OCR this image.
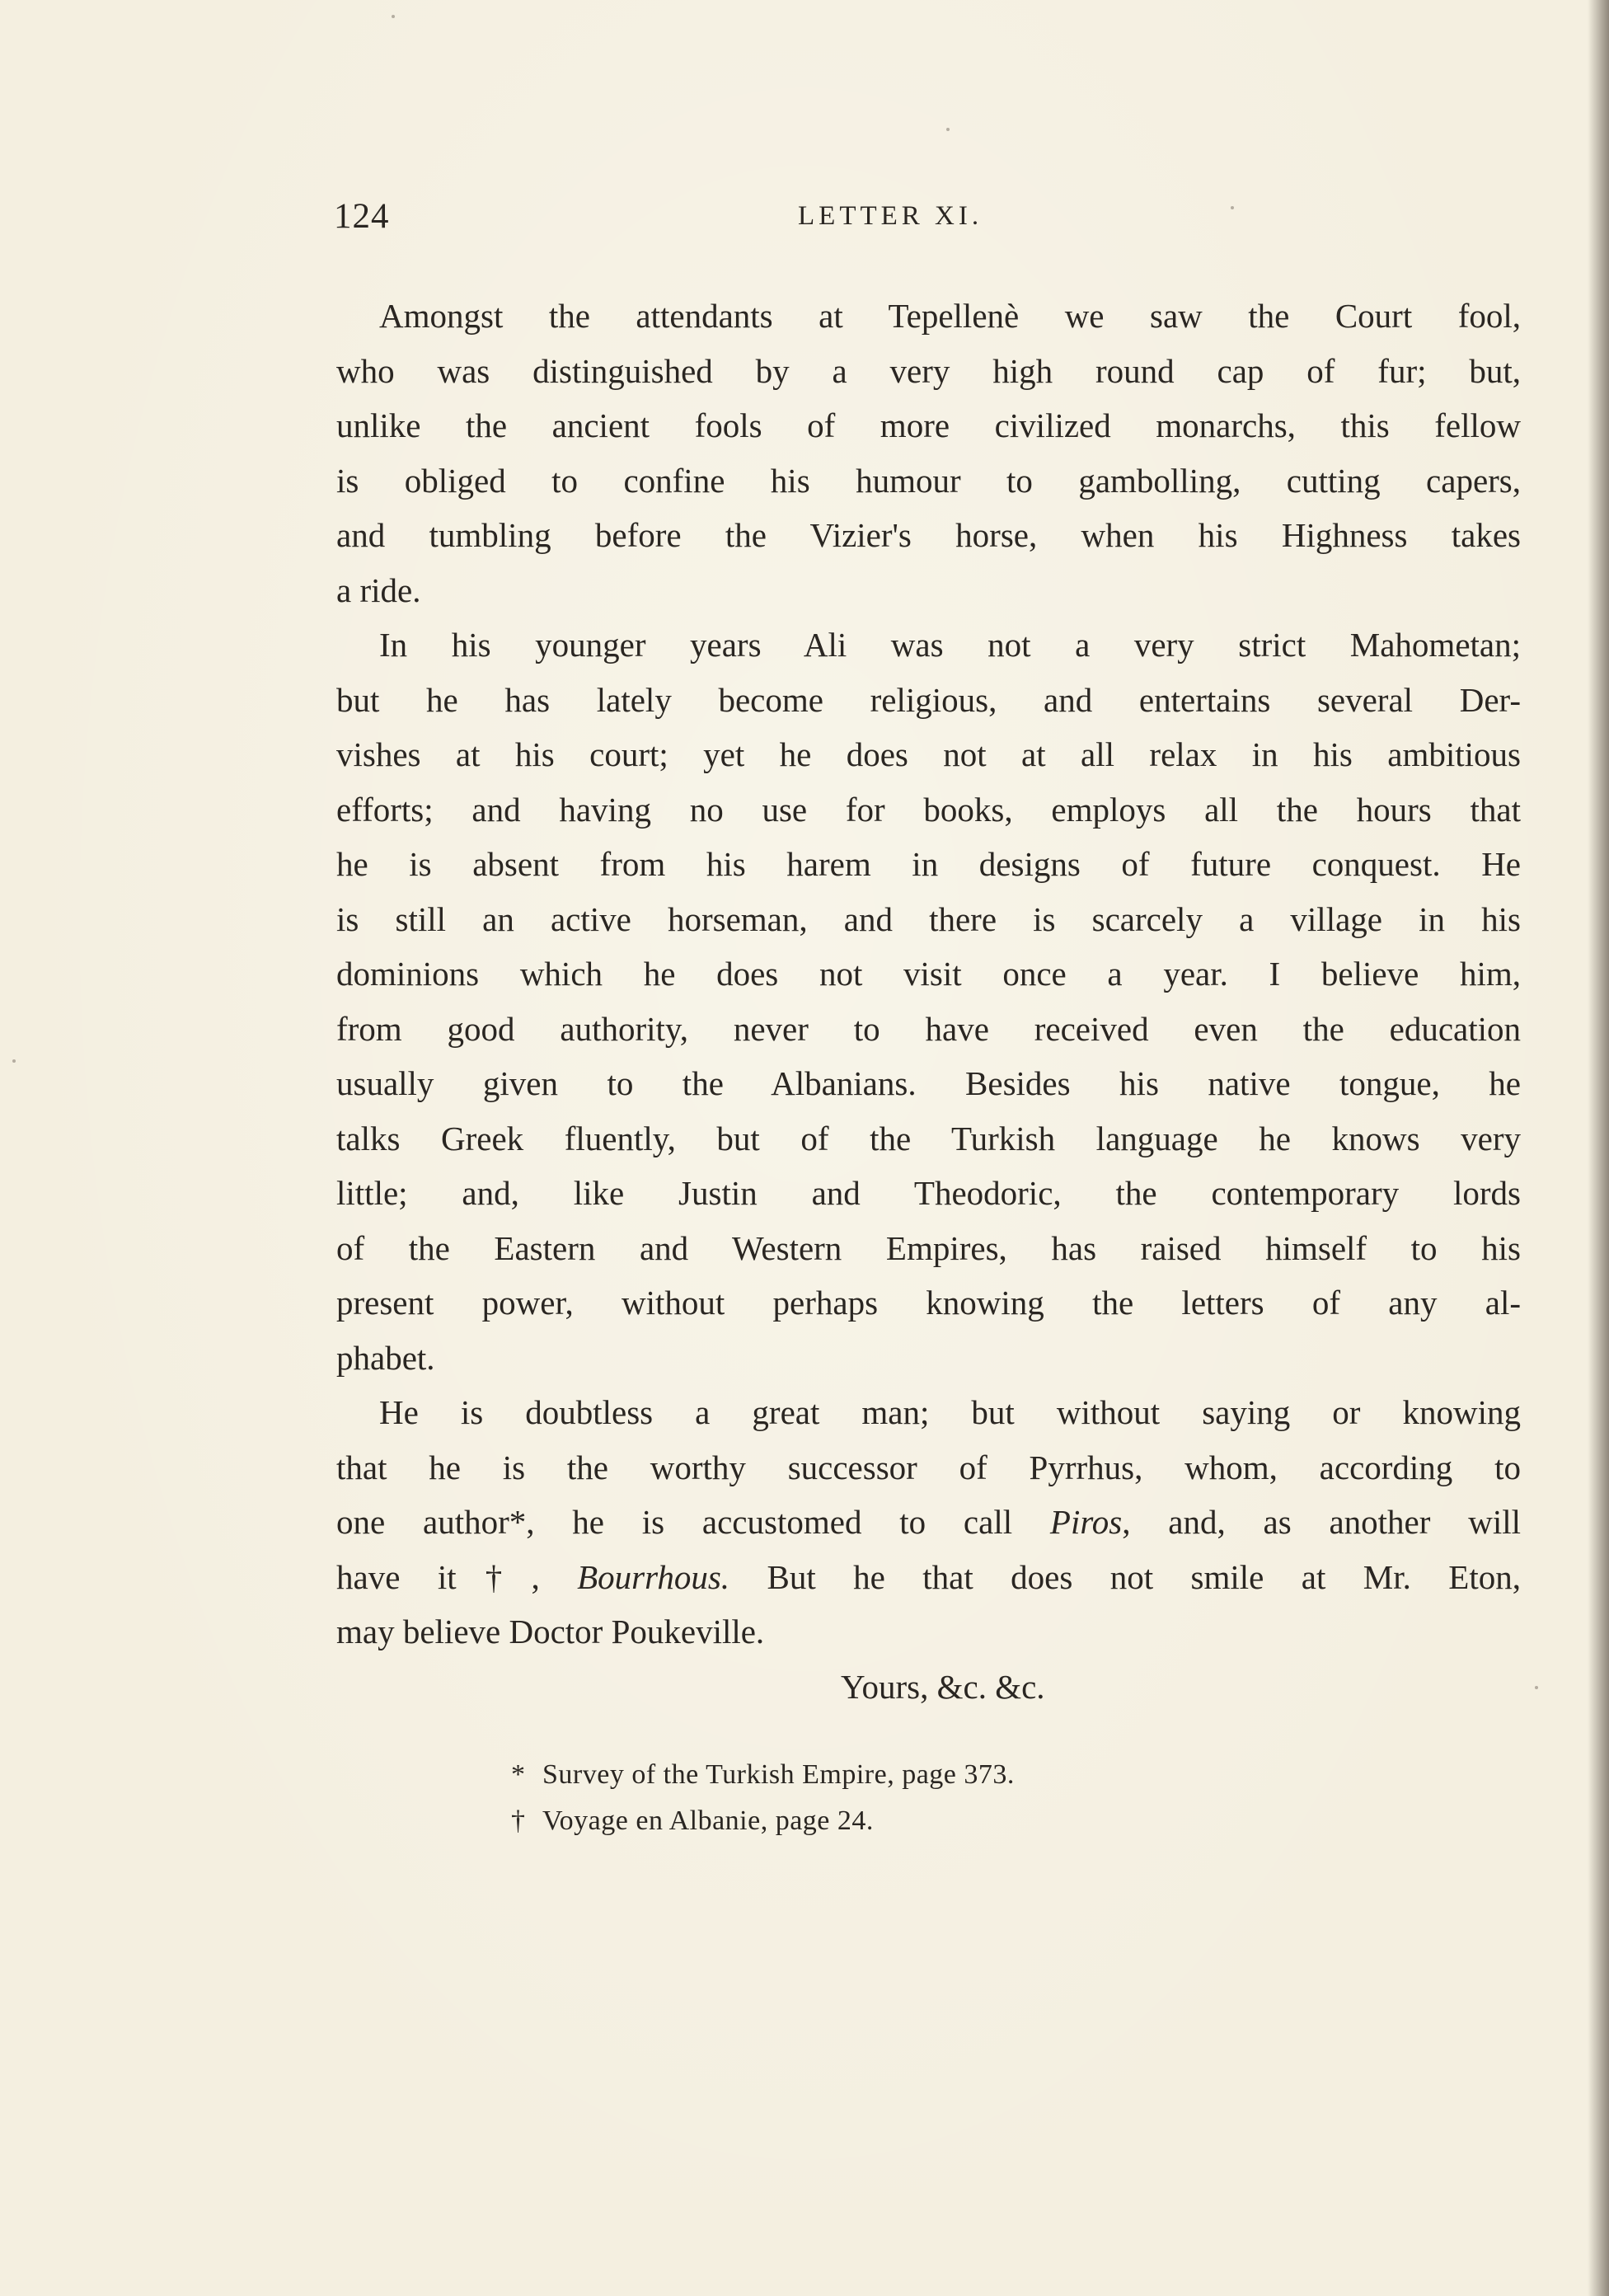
124	LETTER XI.
Amongst the attendants at Tepellenè we saw the Court fool,
who was distinguished by a very high round cap of fur; but,
unlike the ancient fools of more civilized monarchs, this fellow
is obliged to confine his humour to gambolling, cutting capers,
and tumbling before the Vizier's horse, when his Highness takes
a ride.
In his younger years Ali was not a very strict Mahometan;
but he has lately become religious, and entertains several Der-
vishes at his court; yet he does not at all relax in his ambitious
efforts; and having no use for books, employs all the hours that
he is absent from his harem in designs of future conquest. He
is still an active horseman, and there is scarcely a village in his
dominions which he does not visit once a year. I believe him,
from good authority, never to have received even the education
usually given to the Albanians. Besides his native tongue, he
talks Greek fluently, but of the Turkish language he knows very
little; and, like Justin and Theodoric, the contemporary lords
of the Eastern and Western Empires, has raised himself to his
present power, without perhaps knowing the letters of any al-
phabet.
He is doubtless a great man; but without saying or knowing
that he is the worthy successor of Pyrrhus, whom, according to
one author*, he is accustomed to call Piros, and, as another will
have it†, Bourrhous. But he that does not smile at Mr. Eton,
may believe Doctor Poukeville.
Yours, &c. &c.
* Survey of the Turkish Empire, page 373.
† Voyage en Albanie, page 24.
